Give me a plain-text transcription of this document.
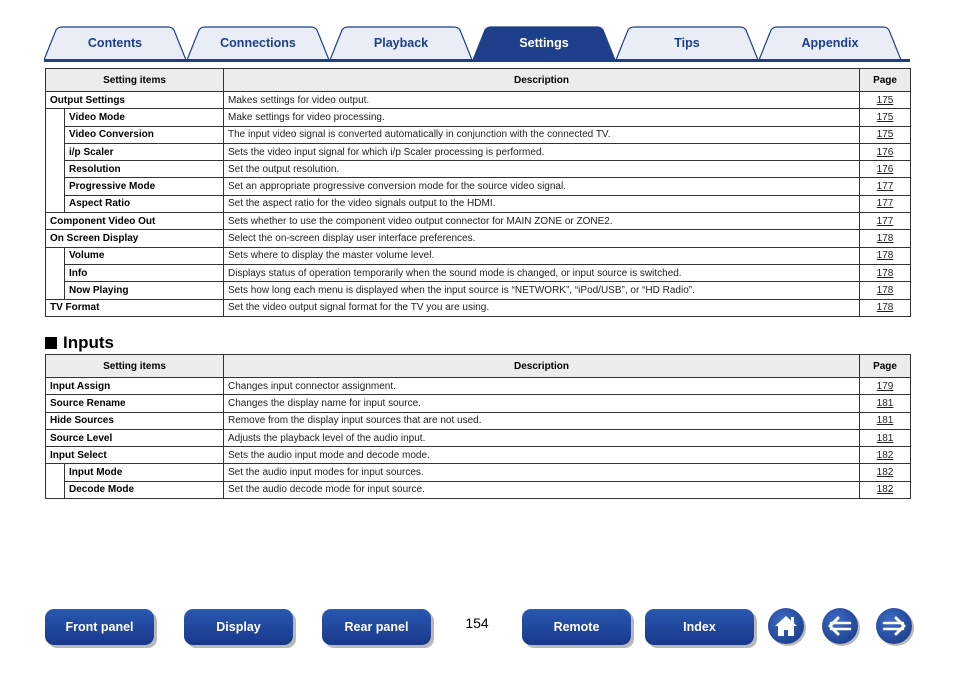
Contents	Connections	Playback	Settings	Tips	Appendix
Setting items		Description	Page
Output Settings		Makes settings for video output.	175
	Video Mode	Make settings for video processing.	175
	Video Conversion	The input video signal is converted automatically in conjunction with the connected TV.	175
	i/p Scaler	Sets the video input signal for which i/p Scaler processing is performed.	176
	Resolution	Set the output resolution.	176
	Progressive Mode	Set an appropriate progressive conversion mode for the source video signal.	177
	Aspect Ratio	Set the aspect ratio for the video signals output to the HDMI.	177
Component Video Out		Sets whether to use the component video output connector for MAIN ZONE or ZONE2.	177
On Screen Display		Select the on-screen display user interface preferences.	178
	Volume	Sets where to display the master volume level.	178
	Info	Displays status of operation temporarily when the sound mode is changed, or input source is switched.	178
	Now Playing	Sets how long each menu is displayed when the input source is “NETWORK”, “iPod/USB”, or “HD Radio”.	178
TV Format		Set the video output signal format for the TV you are using.	178
Inputs
Setting items		Description	Page
Input Assign		Changes input connector assignment.	179
Source Rename		Changes the display name for input source.	181
Hide Sources		Remove from the display input sources that are not used.	181
Source Level		Adjusts the playback level of the audio input.	181
Input Select		Sets the audio input mode and decode mode.	182
	Input Mode	Set the audio input modes for input sources.	182
	Decode Mode	Set the audio decode mode for input source.	182
Front panel	Display	Rear panel	154	Remote	Index
